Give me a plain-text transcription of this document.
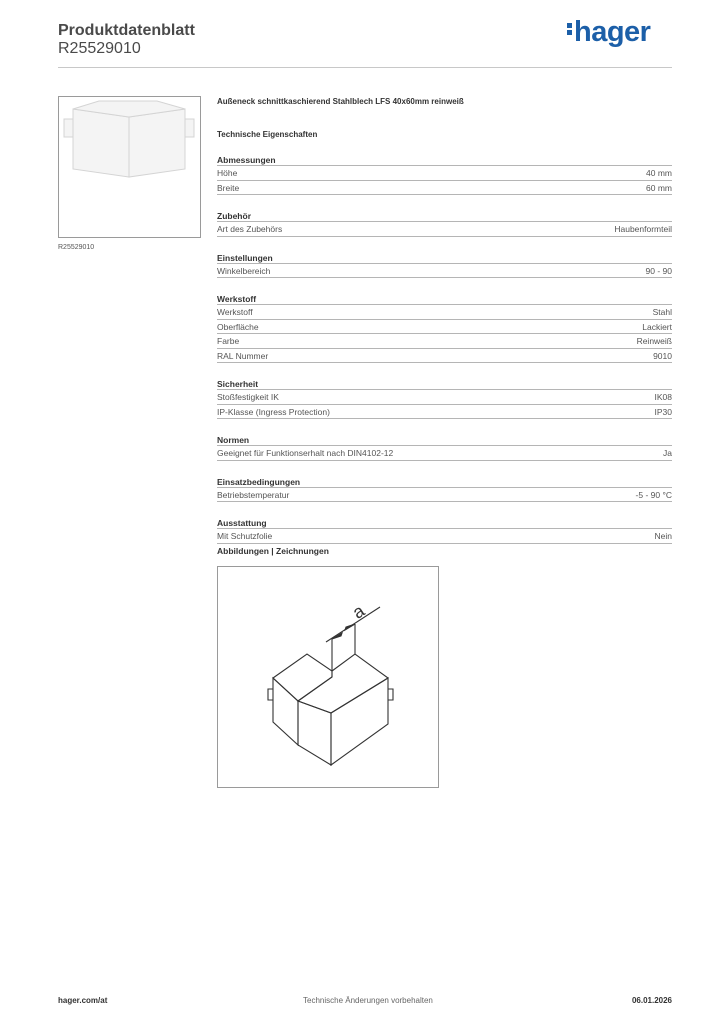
Produktdatenblatt
R25529010
hager
R25529010
Außeneck schnittkaschierend Stahlblech LFS 40x60mm reinweiß
Technische Eigenschaften
Abmessungen
Höhe	40 mm
Breite	60 mm
Zubehör
Art des Zubehörs	Haubenformteil
Einstellungen
Winkelbereich	90 - 90
Werkstoff
Werkstoff	Stahl
Oberfläche	Lackiert
Farbe	Reinweiß
RAL Nummer	9010
Sicherheit
Stoßfestigkeit IK	IK08
IP-Klasse (Ingress Protection)	IP30
Normen
Geeignet für Funktionserhalt nach DIN4102-12	Ja
Einsatzbedingungen
Betriebstemperatur	-5 - 90 °C
Ausstattung
Mit Schutzfolie	Nein
Abbildungen | Zeichnungen
a
hager.com/at	Technische Änderungen vorbehalten	06.01.2026
